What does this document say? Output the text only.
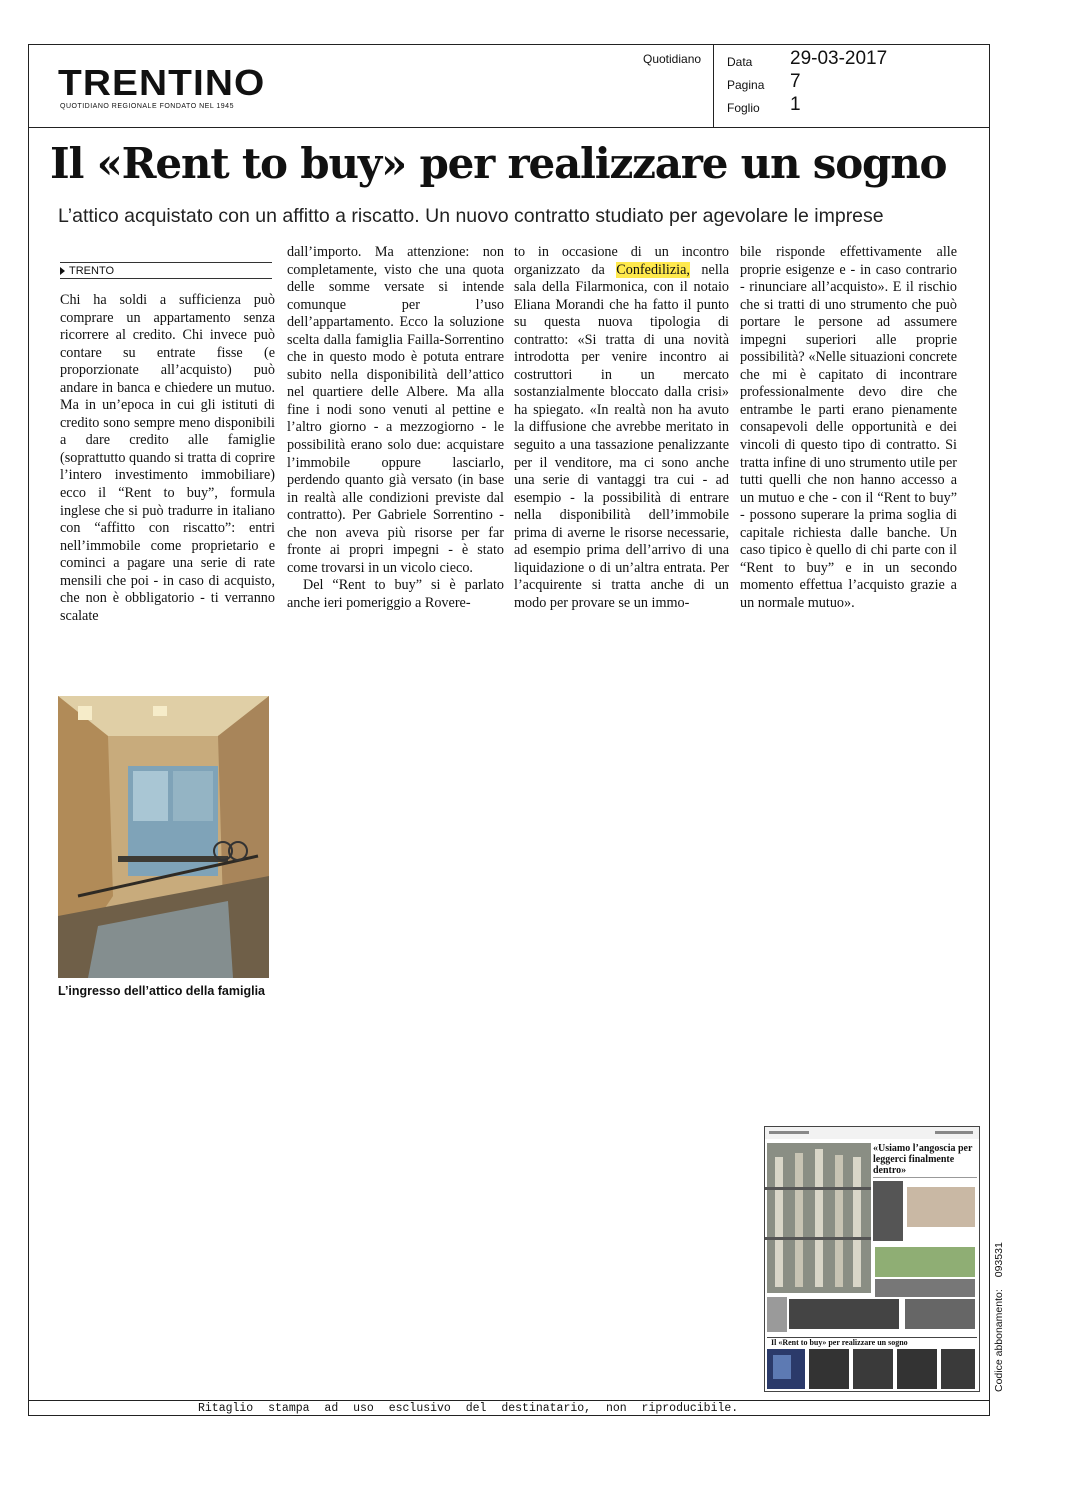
TRENTINO
QUOTIDIANO REGIONALE FONDATO NEL 1945
Quotidiano Data 29-03-2017
Pagina 7
Foglio 1
Il «Rent to buy» per realizzare un sogno
L’attico acquistato con un affitto a riscatto. Un nuovo contratto studiato per agevolare le imprese
TRENTO

Chi ha soldi a sufficienza può comprare un appartamento senza ricorrere al credito. Chi invece può contare su entrate fisse (e proporzionate all’acquisto) può andare in banca e chiedere un mutuo. Ma in un’epoca in cui gli istituti di credito sono sempre meno disponibili a dare credito alle famiglie (soprattutto quando si tratta di coprire l’intero investimento immobiliare) ecco il “Rent to buy”, formula inglese che si può tradurre in italiano con “affitto con riscatto”: entri nell’immobile come proprietario e cominci a pagare una serie di rate mensili che poi - in caso di acquisto, che non è obbligatorio - ti verranno scalate

dall’importo. Ma attenzione: non completamente, visto che una quota delle somme versate si intende comunque per l’uso dell’appartamento. Ecco la soluzione scelta dalla famiglia Failla-Sorrentino che in questo modo è potuta entrare subito nella disponibilità dell’attico nel quartiere delle Albere. Ma alla fine i nodi sono venuti al pettine e l’altro giorno - a mezzogiorno - le possibilità erano solo due: acquistare l’immobile oppure lasciarlo, perdendo quanto già versato (in base in realtà alle condizioni previste dal contratto). Per Gabriele Sorrentino - che non aveva più risorse per far fronte ai propri impegni - è stato come trovarsi in un vicolo cieco.

Del “Rent to buy” si è parlato anche ieri pomeriggio a Rovere-

to in occasione di un incontro organizzato da Confedilizia, nella sala della Filarmonica, con il notaio Eliana Morandi che ha fatto il punto su questa nuova tipologia di contratto: «Si tratta di una novità introdotta per venire incontro ai costruttori in un mercato sostanzialmente bloccato dalla crisi» ha spiegato. «In realtà non ha avuto la diffusione che avrebbe meritato in seguito a una tassazione penalizzante per il venditore, ma ci sono anche una serie di vantaggi tra cui - ad esempio - la possibilità di entrare nella disponibilità dell’immobile prima di averne le risorse necessarie, ad esempio prima dell’arrivo di una liquidazione o di un’altra entrata. Per l’acquirente si tratta anche di un modo per provare se un immo-

bile risponde effettivamente alle proprie esigenze e - in caso contrario - rinunciare all’acquisto». E il rischio che si tratti di uno strumento che può portare le persone ad assumere impegni superiori alle proprie possibilità? «Nelle situazioni concrete che mi è capitato di incontrare professionalmente devo dire che entrambe le parti erano pienamente consapevoli delle opportunità e dei vincoli di questo tipo di contratto. Si tratta infine di uno strumento utile per tutti quelli che non hanno accesso a un mutuo e che - con il “Rent to buy” - possono superare la prima soglia di capitale richiesta dalle banche. Un caso tipico è quello di chi parte con il “Rent to buy” e in un secondo momento effettua l’acquisto grazie a un normale mutuo».

L’ingresso dell’attico della famiglia
«Usiamo l’angoscia per leggerci finalmente dentro»
Il «Rent to buy» per realizzare un sogno
Ritaglio stampa ad uso esclusivo del destinatario, non riproducibile.
Codice abbonamento:093531
